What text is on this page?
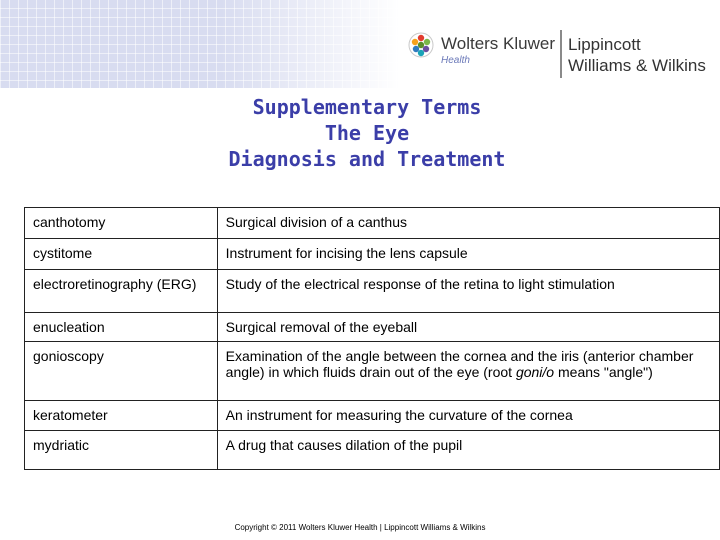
Wolters Kluwer
Health
Lippincott
Williams & Wilkins
Supplementary Terms
The Eye
Diagnosis and Treatment
canthotomy	Surgical division of a canthus
cystitome	Instrument for incising the lens capsule
electroretinography (ERG)	Study of the electrical response of the retina to light stimulation
enucleation	Surgical removal of the eyeball
gonioscopy	Examination of the angle between the cornea and the iris (anterior chamber angle) in which fluids drain out of the eye (root goni/o means "angle")
keratometer	An instrument for measuring the curvature of the cornea
mydriatic	A drug that causes dilation of the pupil
Copyright © 2011 Wolters Kluwer Health | Lippincott Williams & Wilkins
